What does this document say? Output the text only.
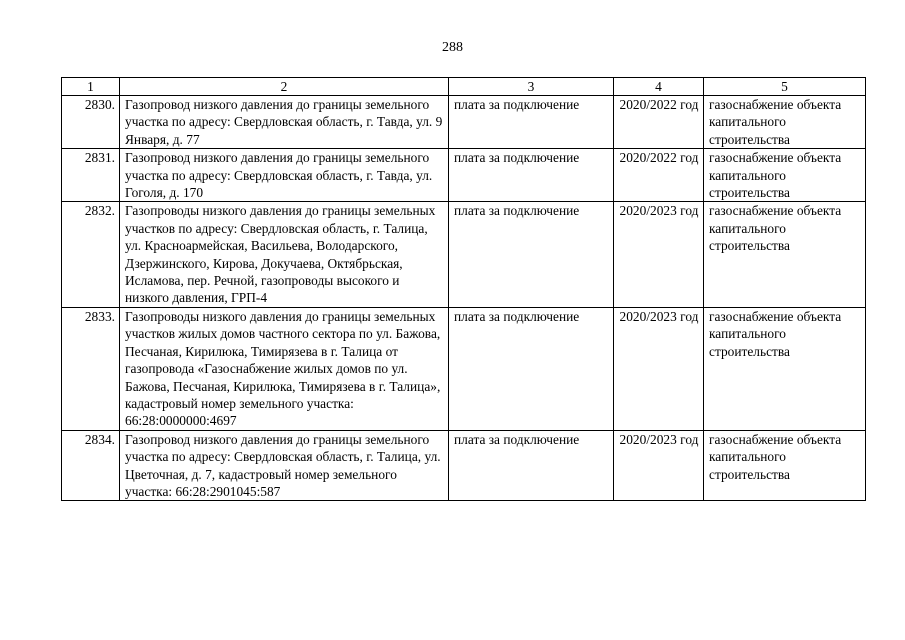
288
1	2	3	4	5
2830.	Газопровод низкого давления до границы земельного участка по адресу: Свердловская область, г. Тавда, ул. 9 Января, д. 77	плата за подключение	2020/2022 год	газоснабжение объекта капитального строительства
2831.	Газопровод низкого давления до границы земельного участка по адресу: Свердловская область, г. Тавда, ул. Гоголя, д. 170	плата за подключение	2020/2022 год	газоснабжение объекта капитального строительства
2832.	Газопроводы низкого давления до границы земельных участков по адресу: Свердловская область, г. Талица, ул. Красноармейская, Васильева, Володарского, Дзержинского, Кирова, Докучаева, Октябрьская, Исламова, пер. Речной, газопроводы высокого и низкого давления, ГРП-4	плата за подключение	2020/2023 год	газоснабжение объекта капитального строительства
2833.	Газопроводы низкого давления до границы земельных участков жилых домов частного сектора по ул. Бажова, Песчаная, Кирилюка, Тимирязева в г. Талица от газопровода «Газоснабжение жилых домов по ул. Бажова, Песчаная, Кирилюка, Тимирязева в г. Талица», кадастровый номер земельного участка: 66:28:0000000:4697	плата за подключение	2020/2023 год	газоснабжение объекта капитального строительства
2834.	Газопровод низкого давления до границы земельного участка по адресу: Свердловская область, г. Талица, ул. Цветочная, д. 7, кадастровый номер земельного участка: 66:28:2901045:587	плата за подключение	2020/2023 год	газоснабжение объекта капитального строительства
